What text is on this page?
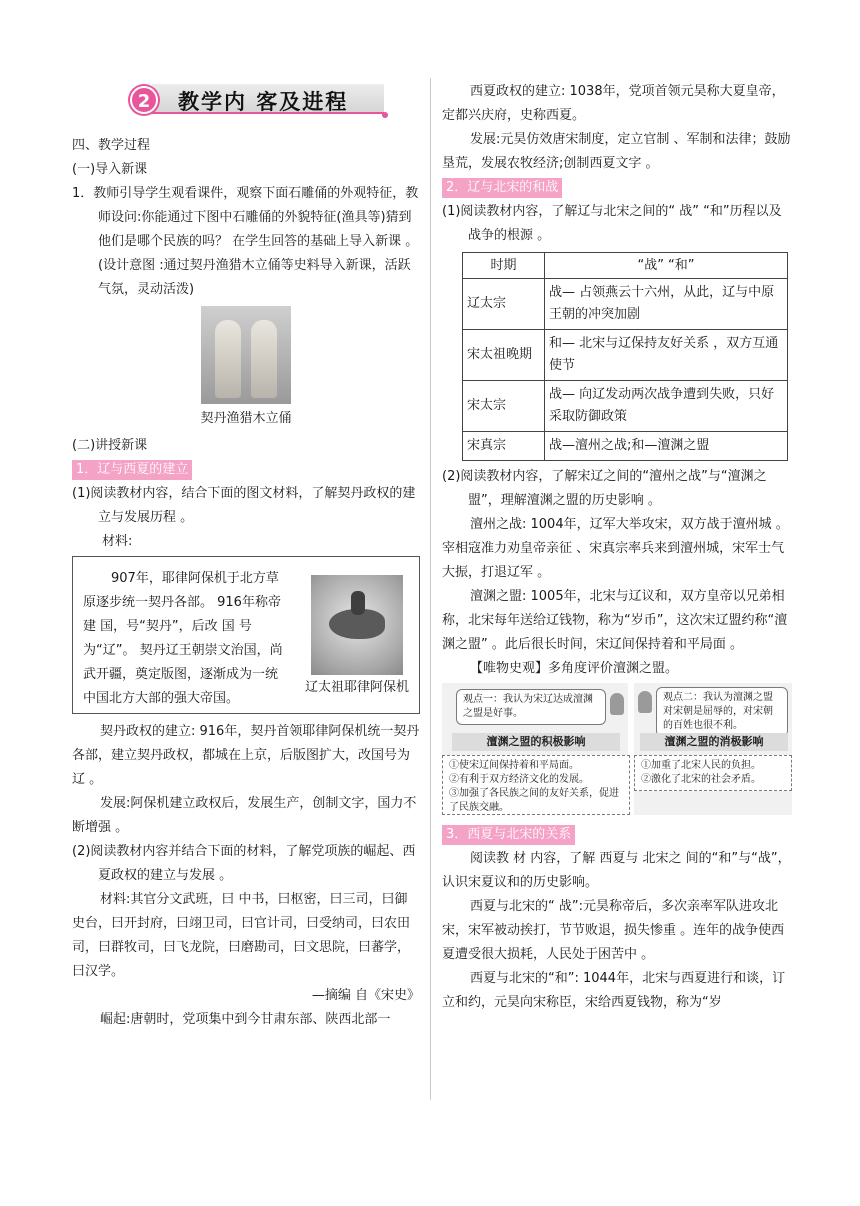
2	教学内 客及进程

四、教学过程

(一)导入新课

1．教师引导学生观看课件，观察下面石雕俑的外观特征，教师设问:你能通过下图中石雕俑的外貌特征(渔具等)猜到他们是哪个民族的吗？ 在学生回答的基础上导入新课 。(设计意图 :通过契丹渔猎木立俑等史料导入新课，活跃气氛，灵动活泼)

契丹渔猎木立俑

(二)讲授新课

1．辽与西夏的建立

(1)阅读教材内容，结合下面的图文材料，了解契丹政权的建立与发展历程 。

材料:

907年，耶律阿保机于北方草原逐步统一契丹各部。 916年称帝建 国，号“契丹”，后改 国 号为“辽”。 契丹辽王朝崇文治国，尚武开疆，奠定版图，逐渐成为一统中国北方大部的强大帝国。
辽太祖耶律阿保机

契丹政权的建立: 916年，契丹首领耶律阿保机统一契丹各部，建立契丹政权，都城在上京，后版图扩大，改国号为辽 。

发展:阿保机建立政权后，发展生产，创制文字，国力不断增强 。

(2)阅读教材内容并结合下面的材料，了解党项族的崛起、西夏政权的建立与发展 。

材料:其官分文武班，曰 中书，曰枢密，曰三司，曰御史台，曰开封府，曰翊卫司，曰官计司，曰受纳司，曰农田司，曰群牧司，曰飞龙院，曰磨勘司，曰文思院，曰蕃学，曰汉学。

—摘编 自《宋史》

崛起:唐朝时，党项集中到今甘肃东部、陕西北部一

西夏政权的建立: 1038年，党项首领元昊称大夏皇帝，定都兴庆府，史称西夏。

发展:元昊仿效唐宋制度，定立官制 、军制和法律；鼓励垦荒，发展农牧经济;创制西夏文字 。

2．辽与北宋的和战

(1)阅读教材内容，了解辽与北宋之间的“ 战” “和”历程以及战争的根源 。

时期	“战” “和”
辽太宗	战— 占领燕云十六州，从此，辽与中原王朝的冲突加剧
宋太祖晚期	和— 北宋与辽保持友好关系 ，双方互通使节
宋太宗	战— 向辽发动两次战争遭到失败，只好采取防御政策
宋真宗	战—澶州之战;和—澶渊之盟

(2)阅读教材内容，了解宋辽之间的“澶州之战”与“澶渊之盟”，理解澶渊之盟的历史影响 。

澶州之战: 1004年，辽军大举攻宋，双方战于澶州城 。宰相寇准力劝皇帝亲征 、宋真宗率兵来到澶州城，宋军士气大振，打退辽军 。

澶渊之盟: 1005年，北宋与辽议和，双方皇帝以兄弟相称，北宋每年送给辽钱物，称为“岁币”，这次宋辽盟约称“澶渊之盟” 。此后很长时间，宋辽间保持着和平局面 。

【唯物史观】多角度评价澶渊之盟。

观点一：我认为宋辽达成澶渊之盟是好事。
观点二：我认为澶渊之盟对宋朝是屈辱的，对宋朝的百姓也很不利。
澶渊之盟的积极影响	澶渊之盟的消极影响
①使宋辽间保持着和平局面。
②有利于双方经济文化的发展。
③加强了各民族之间的友好关系，促进了民族交融。
①加重了北宋人民的负担。
②激化了北宋的社会矛盾。
3．西夏与北宋的关系

阅读教 材 内容，了解 西夏与 北宋之 间的“和”与“战”，认识宋夏议和的历史影响。

西夏与北宋的“ 战”:元昊称帝后，多次亲率军队进攻北宋，宋军被动挨打，节节败退，损失惨重 。连年的战争使西夏遭受很大损耗，人民处于困苦中 。

西夏与北宋的“和”: 1044年，北宋与西夏进行和谈，订立和约，元昊向宋称臣，宋给西夏钱物，称为“岁
